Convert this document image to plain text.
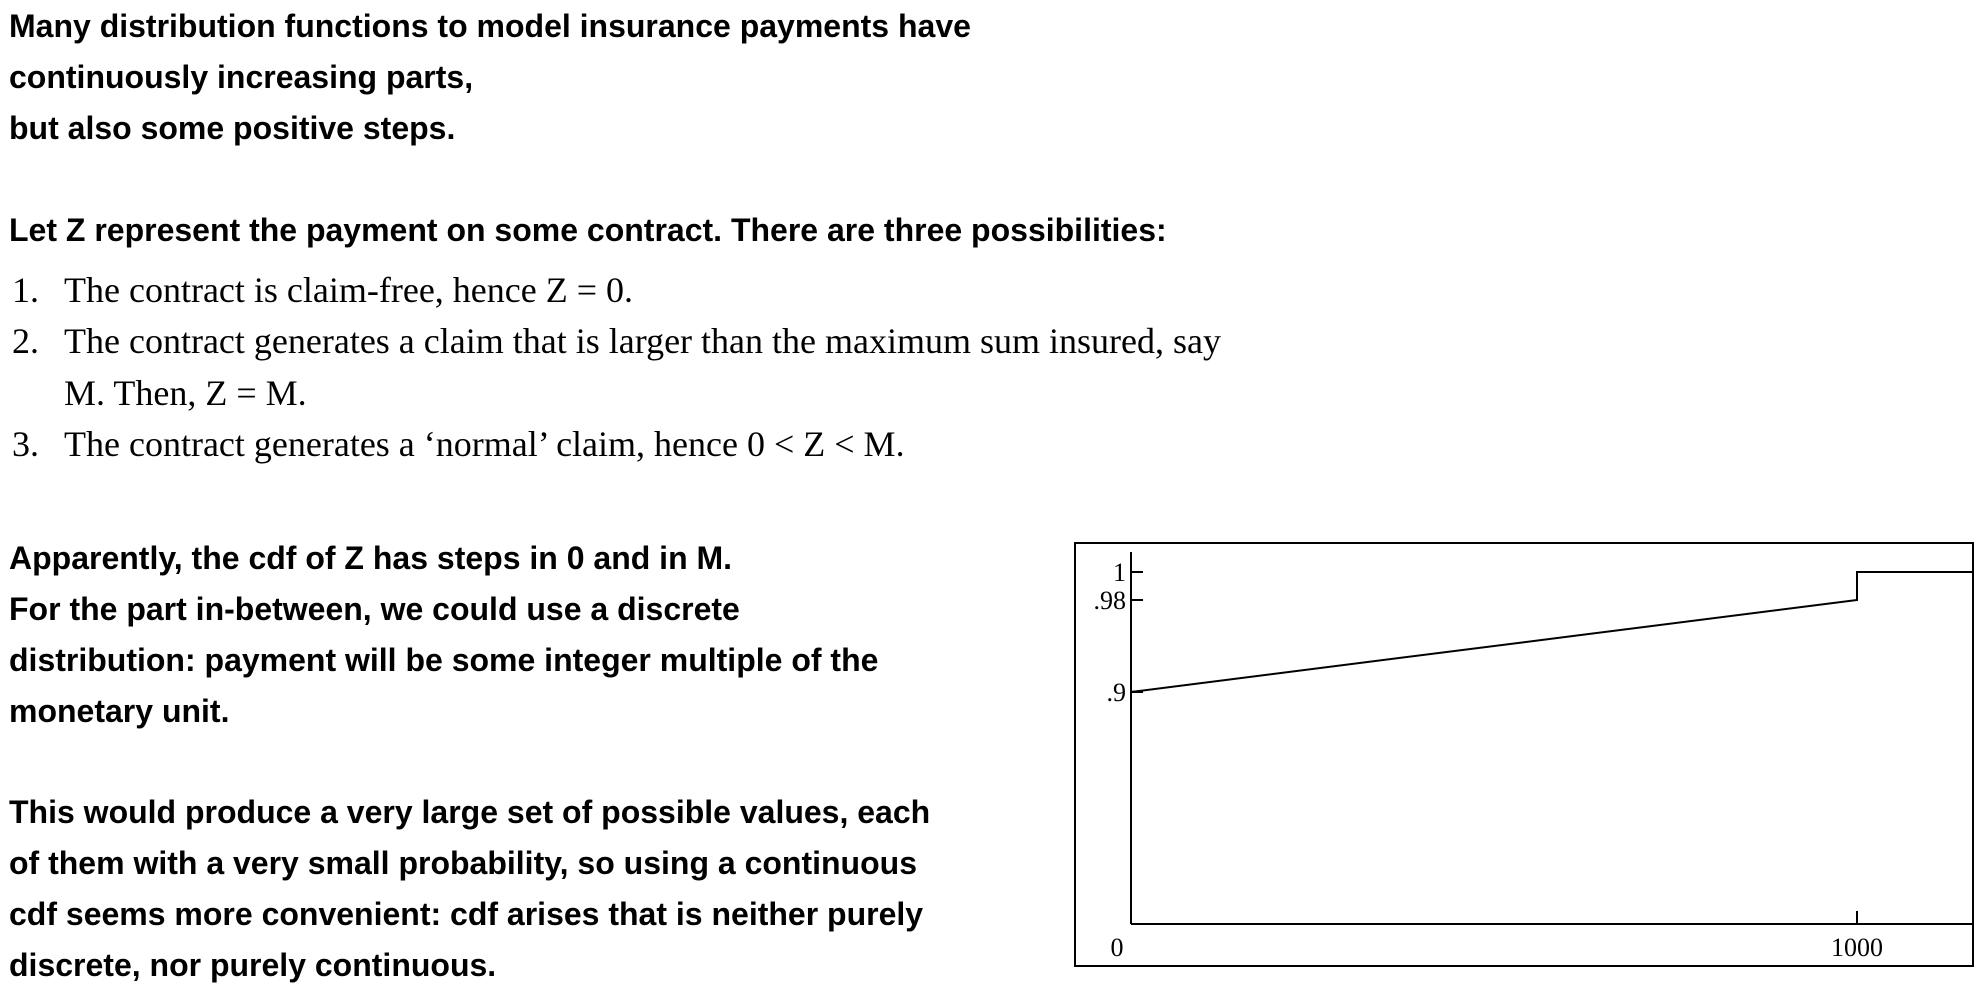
Many distribution functions to model insurance payments have
continuously increasing parts,
but also some positive steps.
Let Z represent the payment on some contract. There are three possibilities:
1. The contract is claim-free, hence Z = 0.
2. The contract generates a claim that is larger than the maximum sum insured, say
M. Then, Z = M.
3. The contract generates a ‘normal’ claim, hence 0 < Z < M.
Apparently, the cdf of Z has steps in 0 and in M.
For the part in-between, we could use a discrete
distribution: payment will be some integer multiple of the
monetary unit.
This would produce a very large set of possible values, each
of them with a very small probability, so using a continuous
cdf seems more convenient: cdf arises that is neither purely
discrete, nor purely continuous.
1
.98
.9
0	1000
